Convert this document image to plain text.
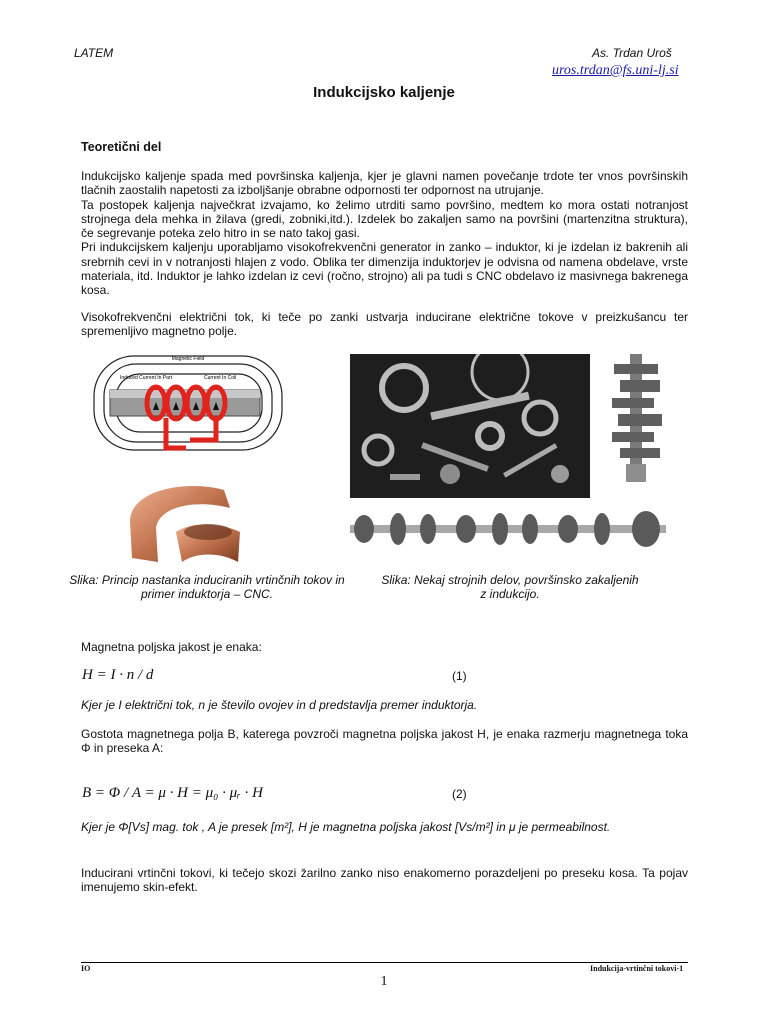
LATEM	As. Trdan Uroš
uros.trdan@fs.uni-lj.si
Indukcijsko kaljenje
Teoretični del
Indukcijsko kaljenje spada med površinska kaljenja, kjer je glavni namen povečanje trdote ter vnos površinskih tlačnih zaostalih napetosti za izboljšanje obrabne odpornosti ter odpornost na utrujanje.
Ta postopek kaljenja največkrat izvajamo, ko želimo utrditi samo površino, medtem ko mora ostati notranjost strojnega dela mehka in žilava (gredi, zobniki,itd.). Izdelek bo zakaljen samo na površini (martenzitna struktura), če segrevanje poteka zelo hitro in se nato takoj gasi.
Pri indukcijskem kaljenju uporabljamo visokofrekvenčni generator in zanko – induktor, ki je izdelan iz bakrenih ali srebrnih cevi in v notranjosti hlajen z vodo. Oblika ter dimenzija induktorjev je odvisna od namena obdelave, vrste materiala, itd. Induktor je lahko izdelan iz cevi (ročno, strojno) ali pa tudi s CNC obdelavo iz masivnega bakrenega kosa.
Visokofrekvenčni električni tok, ki teče po zanki ustvarja inducirane električne tokove v preizkušancu ter spremenljivo magnetno polje.
Magnetic Field
Induced Current In Part	Current In Coil
Slika: Princip nastanka induciranih vrtinčnih tokov in primer induktorja – CNC.
Slika: Nekaj strojnih delov, površinsko zakaljenih z indukcijo.
Magnetna poljska jakost je enaka:
H = I · n / d	(1)
Kjer je I električni tok, n je število ovojev in d predstavlja premer induktorja.
Gostota magnetnega polja B, katerega povzroči magnetna poljska jakost H, je enaka razmerju magnetnega toka Φ in preseka A:
B = Φ / A = μ · H = μ₀ · μᵣ · H	(2)
Kjer je Φ[Vs] mag. tok , A je presek [m²], H je magnetna poljska jakost [Vs/m²] in μ je permeabilnost.
Inducirani vrtinčni tokovi, ki tečejo skozi žarilno zanko niso enakomerno porazdeljeni po preseku kosa. Ta pojav imenujemo skin-efekt.
IO	Indukcija-vrtinčni tokovi-1
1
